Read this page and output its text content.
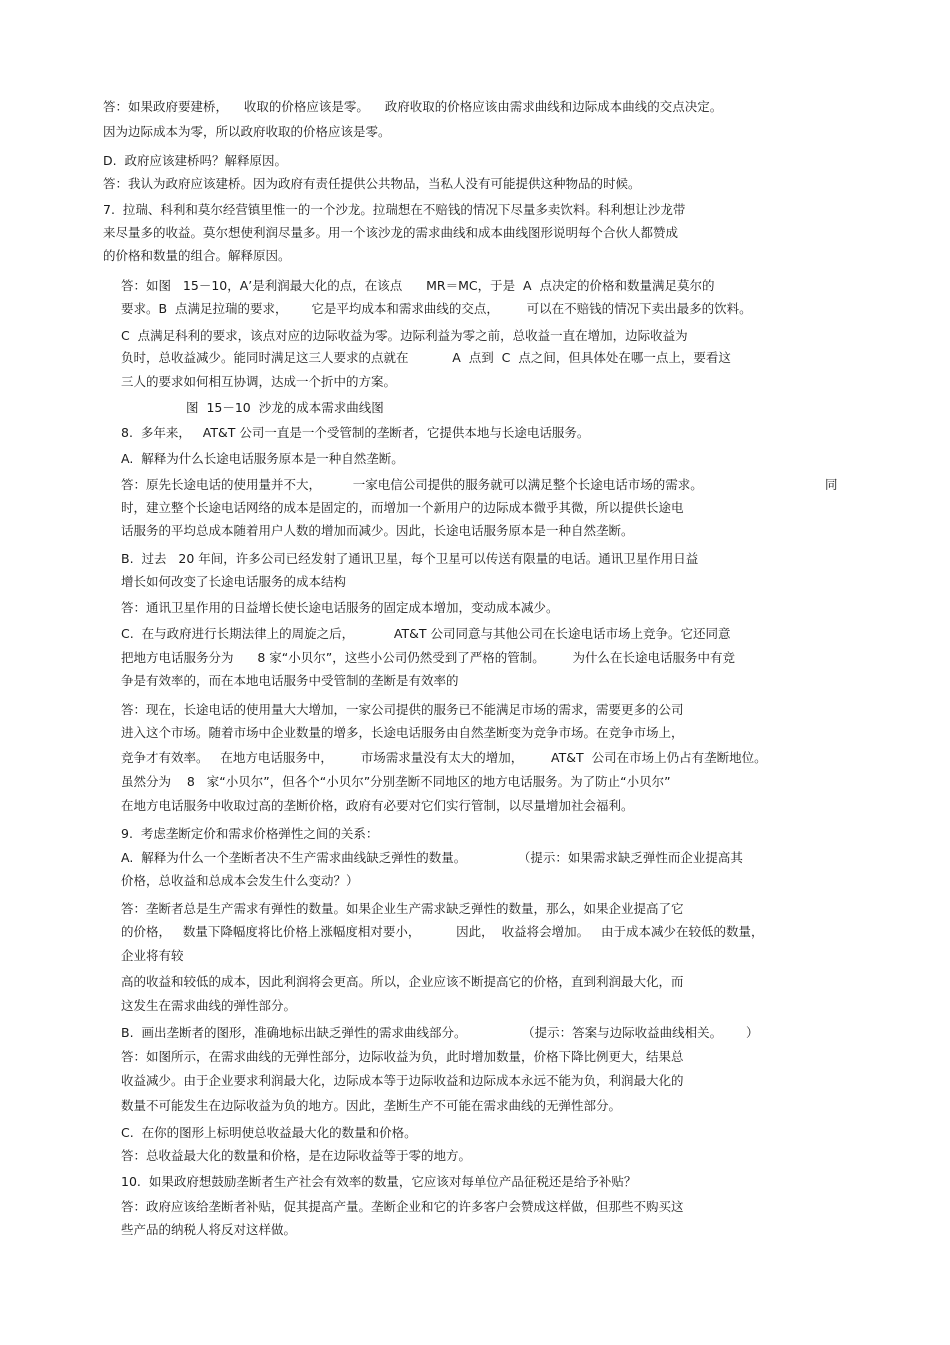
答：如果政府要建桥，    收取的价格应该是零。    政府收取的价格应该由需求曲线和边际成本曲线的交点决定。
因为边际成本为零，所以政府收取的价格应该是零。
D.  政府应该建桥吗？解释原因。
答：我认为政府应该建桥。因为政府有责任提供公共物品，当私人没有可能提供这种物品的时候。
7.  拉瑞、科利和莫尔经营镇里惟一的一个沙龙。拉瑞想在不赔钱的情况下尽量多卖饮料。科利想让沙龙带
来尽量多的收益。莫尔想使利润尽量多。用一个该沙龙的需求曲线和成本曲线图形说明每个合伙人都赞成
的价格和数量的组合。解释原因。
答：如图   15－10，A’是利润最大化的点，在该点      MR＝MC，于是  A  点决定的价格和数量满足莫尔的
要求。B  点满足拉瑞的要求，      它是平均成本和需求曲线的交点，       可以在不赔钱的情况下卖出最多的饮料。
C  点满足科利的要求，该点对应的边际收益为零。边际利益为零之前，总收益一直在增加，边际收益为
负时，总收益减少。能同时满足这三人要求的点就在           A  点到  C  点之间，但具体处在哪一点上，要看这
三人的要求如何相互协调，达成一个折中的方案。
图  15－10  沙龙的成本需求曲线图
8.  多年来，   AT&T 公司一直是一个受管制的垄断者，它提供本地与长途电话服务。
A.  解释为什么长途电话服务原本是一种自然垄断。
答：原先长途电话的使用量并不大，        一家电信公司提供的服务就可以满足整个长途电话市场的需求。	同
时，建立整个长途电话网络的成本是固定的，而增加一个新用户的边际成本微乎其微，所以提供长途电
话服务的平均总成本随着用户人数的增加而减少。因此，长途电话服务原本是一种自然垄断。
B.  过去   20 年间，许多公司已经发射了通讯卫星，每个卫星可以传送有限量的电话。通讯卫星作用日益
增长如何改变了长途电话服务的成本结构
答：通讯卫星作用的日益增长使长途电话服务的固定成本增加，变动成本减少。
C.  在与政府进行长期法律上的周旋之后，          AT&T 公司同意与其他公司在长途电话市场上竞争。它还同意
把地方电话服务分为      8 家“小贝尔”，这些小公司仍然受到了严格的管制。       为什么在长途电话服务中有竞
争是有效率的，而在本地电话服务中受管制的垄断是有效率的
答：现在，长途电话的使用量大大增加，一家公司提供的服务已不能满足市场的需求，需要更多的公司
进入这个市场。随着市场中企业数量的增多，长途电话服务由自然垄断变为竞争市场。在竞争市场上，
竞争才有效率。   在地方电话服务中，       市场需求量没有太大的增加，       AT&T  公司在市场上仍占有垄断地位。
虽然分为    8   家“小贝尔”，但各个“小贝尔”分别垄断不同地区的地方电话服务。为了防止“小贝尔”
在地方电话服务中收取过高的垄断价格，政府有必要对它们实行管制，以尽量增加社会福利。
9.  考虑垄断定价和需求价格弹性之间的关系：
A.  解释为什么一个垄断者决不生产需求曲线缺乏弹性的数量。             （提示：如果需求缺乏弹性而企业提高其
价格，总收益和总成本会发生什么变动？）
答：垄断者总是生产需求有弹性的数量。如果企业生产需求缺乏弹性的数量，那么，如果企业提高了它
的价格，   数量下降幅度将比价格上涨幅度相对要小，         因此，  收益将会增加。   由于成本减少在较低的数量，
企业将有较
高的收益和较低的成本，因此利润将会更高。所以，企业应该不断提高它的价格，直到利润最大化，而
这发生在需求曲线的弹性部分。
B.  画出垄断者的图形，准确地标出缺乏弹性的需求曲线部分。              （提示：答案与边际收益曲线相关。      ）
答：如图所示，在需求曲线的无弹性部分，边际收益为负，此时增加数量，价格下降比例更大，结果总
收益减少。由于企业要求利润最大化，边际成本等于边际收益和边际成本永远不能为负，利润最大化的
数量不可能发生在边际收益为负的地方。因此，垄断生产不可能在需求曲线的无弹性部分。
C.  在你的图形上标明使总收益最大化的数量和价格。
答：总收益最大化的数量和价格，是在边际收益等于零的地方。
10.  如果政府想鼓励垄断者生产社会有效率的数量，它应该对每单位产品征税还是给予补贴？
答：政府应该给垄断者补贴，促其提高产量。垄断企业和它的许多客户会赞成这样做，但那些不购买这
些产品的纳税人将反对这样做。
